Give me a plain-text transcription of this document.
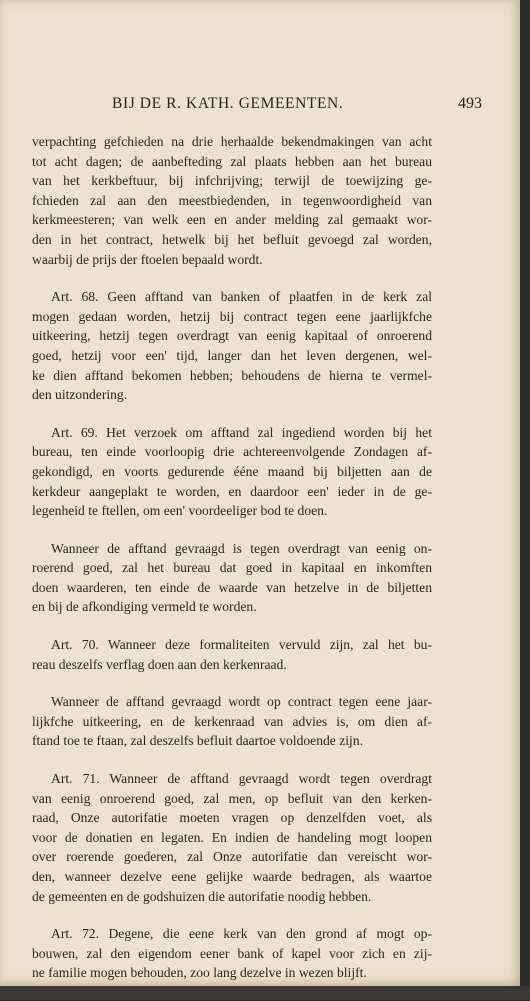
BIJ DE R. KATH. GEMEENTEN.	493
verpachting gefchieden na drie herhaalde bekendmakingen van acht
tot acht dagen; de aanbefteding zal plaats hebben aan het bureau
van het kerkbeftuur, bij infchrijving; terwijl de toewijzing ge-
fchieden zal aan den meestbiedenden, in tegenwoordigheid van
kerkmeesteren; van welk een en ander melding zal gemaakt wor-
den in het contract, hetwelk bij het befluit gevoegd zal worden,
waarbij de prijs der ftoelen bepaald wordt.
Art. 68. Geen afftand van banken of plaatfen in de kerk zal
mogen gedaan worden, hetzij bij contract tegen eene jaarlijkfche
uitkeering, hetzij tegen overdragt van eenig kapitaal of onroerend
goed, hetzij voor een' tijd, langer dan het leven dergenen, wel-
ke dien afftand bekomen hebben; behoudens de hierna te vermel-
den uitzondering.
Art. 69. Het verzoek om afftand zal ingediend worden bij het
bureau, ten einde voorloopig drie achtereenvolgende Zondagen af-
gekondigd, en voorts gedurende ééne maand bij biljetten aan de
kerkdeur aangeplakt te worden, en daardoor een' ieder in de ge-
legenheid te ftellen, om een' voordeeliger bod te doen.
Wanneer de afftand gevraagd is tegen overdragt van eenig on-
roerend goed, zal het bureau dat goed in kapitaal en inkomften
doen waarderen, ten einde de waarde van hetzelve in de biljetten
en bij de afkondiging vermeld te worden.
Art. 70. Wanneer deze formaliteiten vervuld zijn, zal het bu-
reau deszelfs verflag doen aan den kerkenraad.
Wanneer de afftand gevraagd wordt op contract tegen eene jaar-
lijkfche uitkeering, en de kerkenraad van advies is, om dien af-
ftand toe te ftaan, zal deszelfs befluit daartoe voldoende zijn.
Art. 71. Wanneer de afftand gevraagd wordt tegen overdragt
van eenig onroerend goed, zal men, op befluit van den kerken-
raad, Onze autorifatie moeten vragen op denzelfden voet, als
voor de donatien en legaten. En indien de handeling mogt loopen
over roerende goederen, zal Onze autorifatie dan vereischt wor-
den, wanneer dezelve eene gelijke waarde bedragen, als waartoe
de gemeenten en de godshuizen die autorifatie noodig hebben.
Art. 72. Degene, die eene kerk van den grond af mogt op-
bouwen, zal den eigendom eener bank of kapel voor zich en zij-
ne familie mogen behouden, zoo lang dezelve in wezen blijft.
